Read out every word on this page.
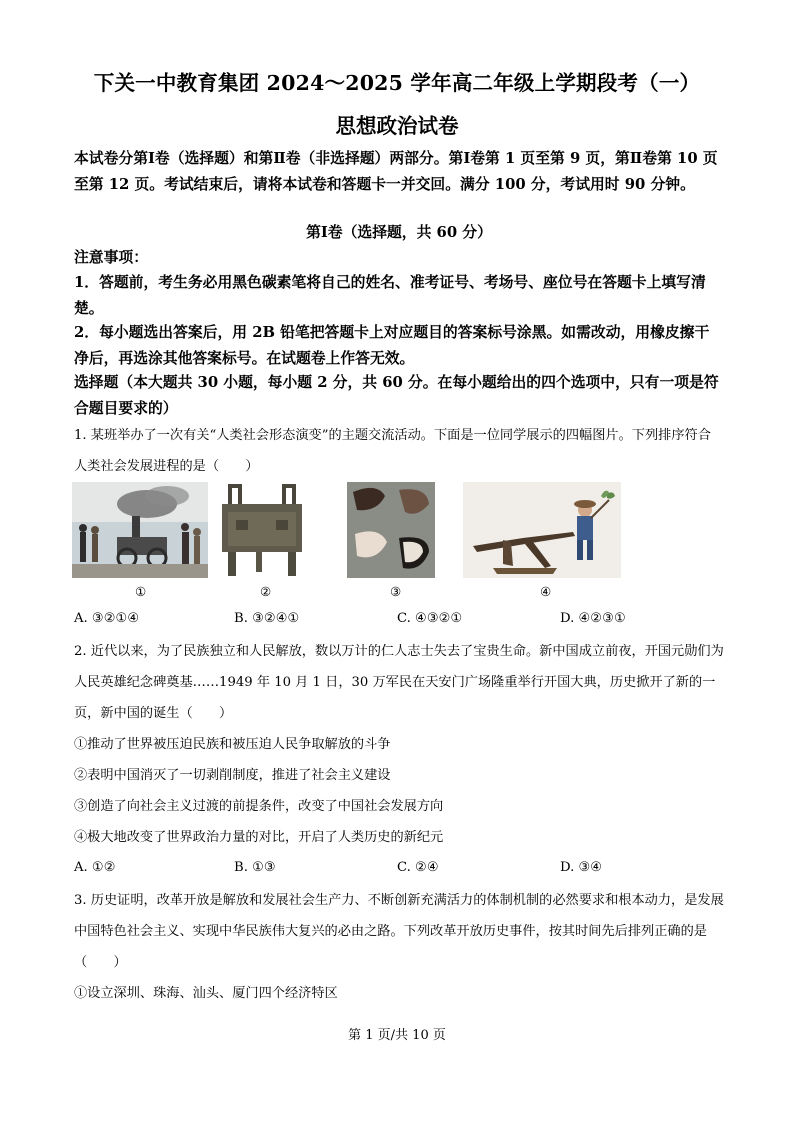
下关一中教育集团 2024～2025 学年高二年级上学期段考（一）
思想政治试卷
本试卷分第Ⅰ卷（选择题）和第Ⅱ卷（非选择题）两部分。第Ⅰ卷第 1 页至第 9 页，第Ⅱ卷第 10 页至第 12 页。考试结束后，请将本试卷和答题卡一并交回。满分 100 分，考试用时 90 分钟。
第Ⅰ卷（选择题，共 60 分）
注意事项：
1．答题前，考生务必用黑色碳素笔将自己的姓名、准考证号、考场号、座位号在答题卡上填写清楚。
2．每小题选出答案后，用 2B 铅笔把答题卡上对应题目的答案标号涂黑。如需改动，用橡皮擦干净后，再选涂其他答案标号。在试题卷上作答无效。
选择题（本大题共 30 小题，每小题 2 分，共 60 分。在每小题给出的四个选项中，只有一项是符合题目要求的）
1. 某班举办了一次有关“人类社会形态演变”的主题交流活动。下面是一位同学展示的四幅图片。下列排序符合人类社会发展进程的是（　　）
①	②	③	④
A. ③②①④	B. ③②④①	C. ④③②①	D. ④②③①
2. 近代以来，为了民族独立和人民解放，数以万计的仁人志士失去了宝贵生命。新中国成立前夜，开国元勋们为人民英雄纪念碑奠基……1949 年 10 月 1 日，30 万军民在天安门广场隆重举行开国大典，历史掀开了新的一页，新中国的诞生（　　）
①推动了世界被压迫民族和被压迫人民争取解放的斗争
②表明中国消灭了一切剥削制度，推进了社会主义建设
③创造了向社会主义过渡的前提条件，改变了中国社会发展方向
④极大地改变了世界政治力量的对比，开启了人类历史的新纪元
A. ①②	B. ①③	C. ②④	D. ③④
3. 历史证明，改革开放是解放和发展社会生产力、不断创新充满活力的体制机制的必然要求和根本动力，是发展中国特色社会主义、实现中华民族伟大复兴的必由之路。下列改革开放历史事件，按其时间先后排列正确的是（　　）
①设立深圳、珠海、汕头、厦门四个经济特区
第 1 页/共 10 页
